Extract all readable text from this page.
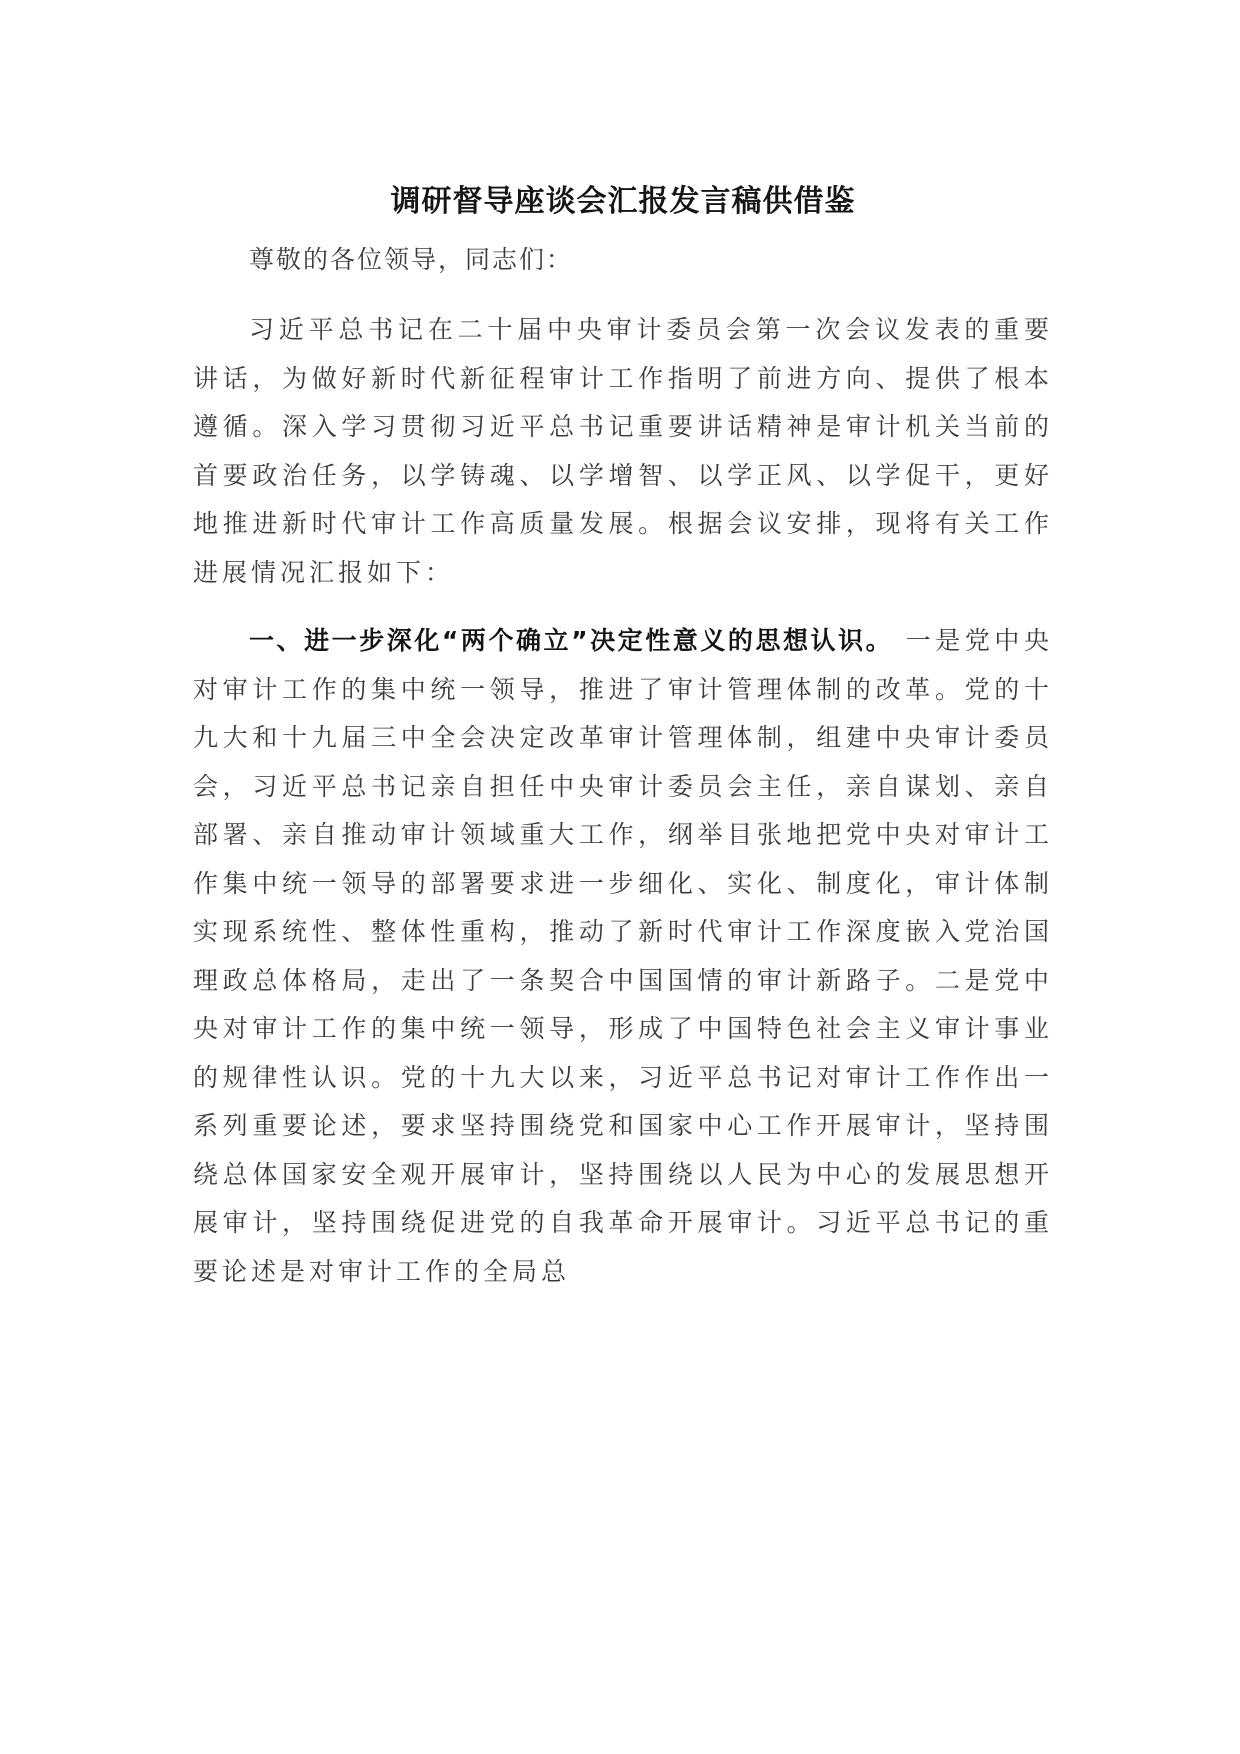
调研督导座谈会汇报发言稿供借鉴

尊敬的各位领导，同志们：

习近平总书记在二十届中央审计委员会第一次会议发表的重要讲话，为做好新时代新征程审计工作指明了前进方向、提供了根本遵循。深入学习贯彻习近平总书记重要讲话精神是审计机关当前的首要政治任务，以学铸魂、以学增智、以学正风、以学促干，更好地推进新时代审计工作高质量发展。根据会议安排，现将有关工作进展情况汇报如下：

一、进一步深化“两个确立”决定性意义的思想认识。 一是党中央对审计工作的集中统一领导，推进了审计管理体制的改革。党的十九大和十九届三中全会决定改革审计管理体制，组建中央审计委员会，习近平总书记亲自担任中央审计委员会主任，亲自谋划、亲自部署、亲自推动审计领域重大工作，纲举目张地把党中央对审计工作集中统一领导的部署要求进一步细化、实化、制度化，审计体制实现系统性、整体性重构，推动了新时代审计工作深度嵌入党治国理政总体格局，走出了一条契合中国国情的审计新路子。二是党中央对审计工作的集中统一领导，形成了中国特色社会主义审计事业的规律性认识。党的十九大以来，习近平总书记对审计工作作出一系列重要论述，要求坚持围绕党和国家中心工作开展审计，坚持围绕总体国家安全观开展审计，坚持围绕以人民为中心的发展思想开展审计，坚持围绕促进党的自我革命开展审计。习近平总书记的重要论述是对审计工作的全局总
